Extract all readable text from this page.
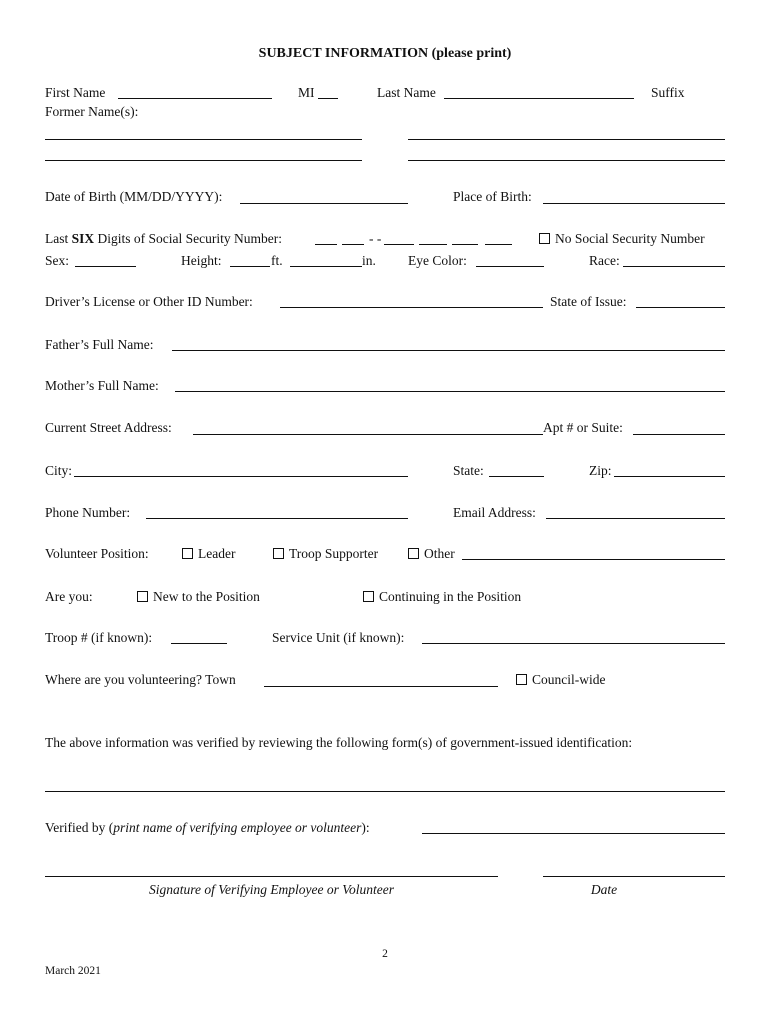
SUBJECT INFORMATION (please print)
First Name	MI	Last Name	Suffix
Former Name(s):
Date of Birth (MM/DD/YYYY):	Place of Birth:
Last SIX Digits of Social Security Number:	- -	No Social Security Number
Sex:	Height:	ft.	in. Eye Color:	Race:
Driver’s License or Other ID Number:	State of Issue:
Father’s Full Name:
Mother’s Full Name:
Current Street Address:	Apt # or Suite:
City:	State:	Zip:
Phone Number:	Email Address:
Volunteer Position:	Leader	Troop Supporter	Other
Are you:	New to the Position	Continuing in the Position
Troop # (if known):	Service Unit (if known):
Where are you volunteering? Town	Council-wide
The above information was verified by reviewing the following form(s) of government-issued identification:
Verified by (print name of verifying employee or volunteer):
Signature of Verifying Employee or Volunteer	Date
2
March 2021
